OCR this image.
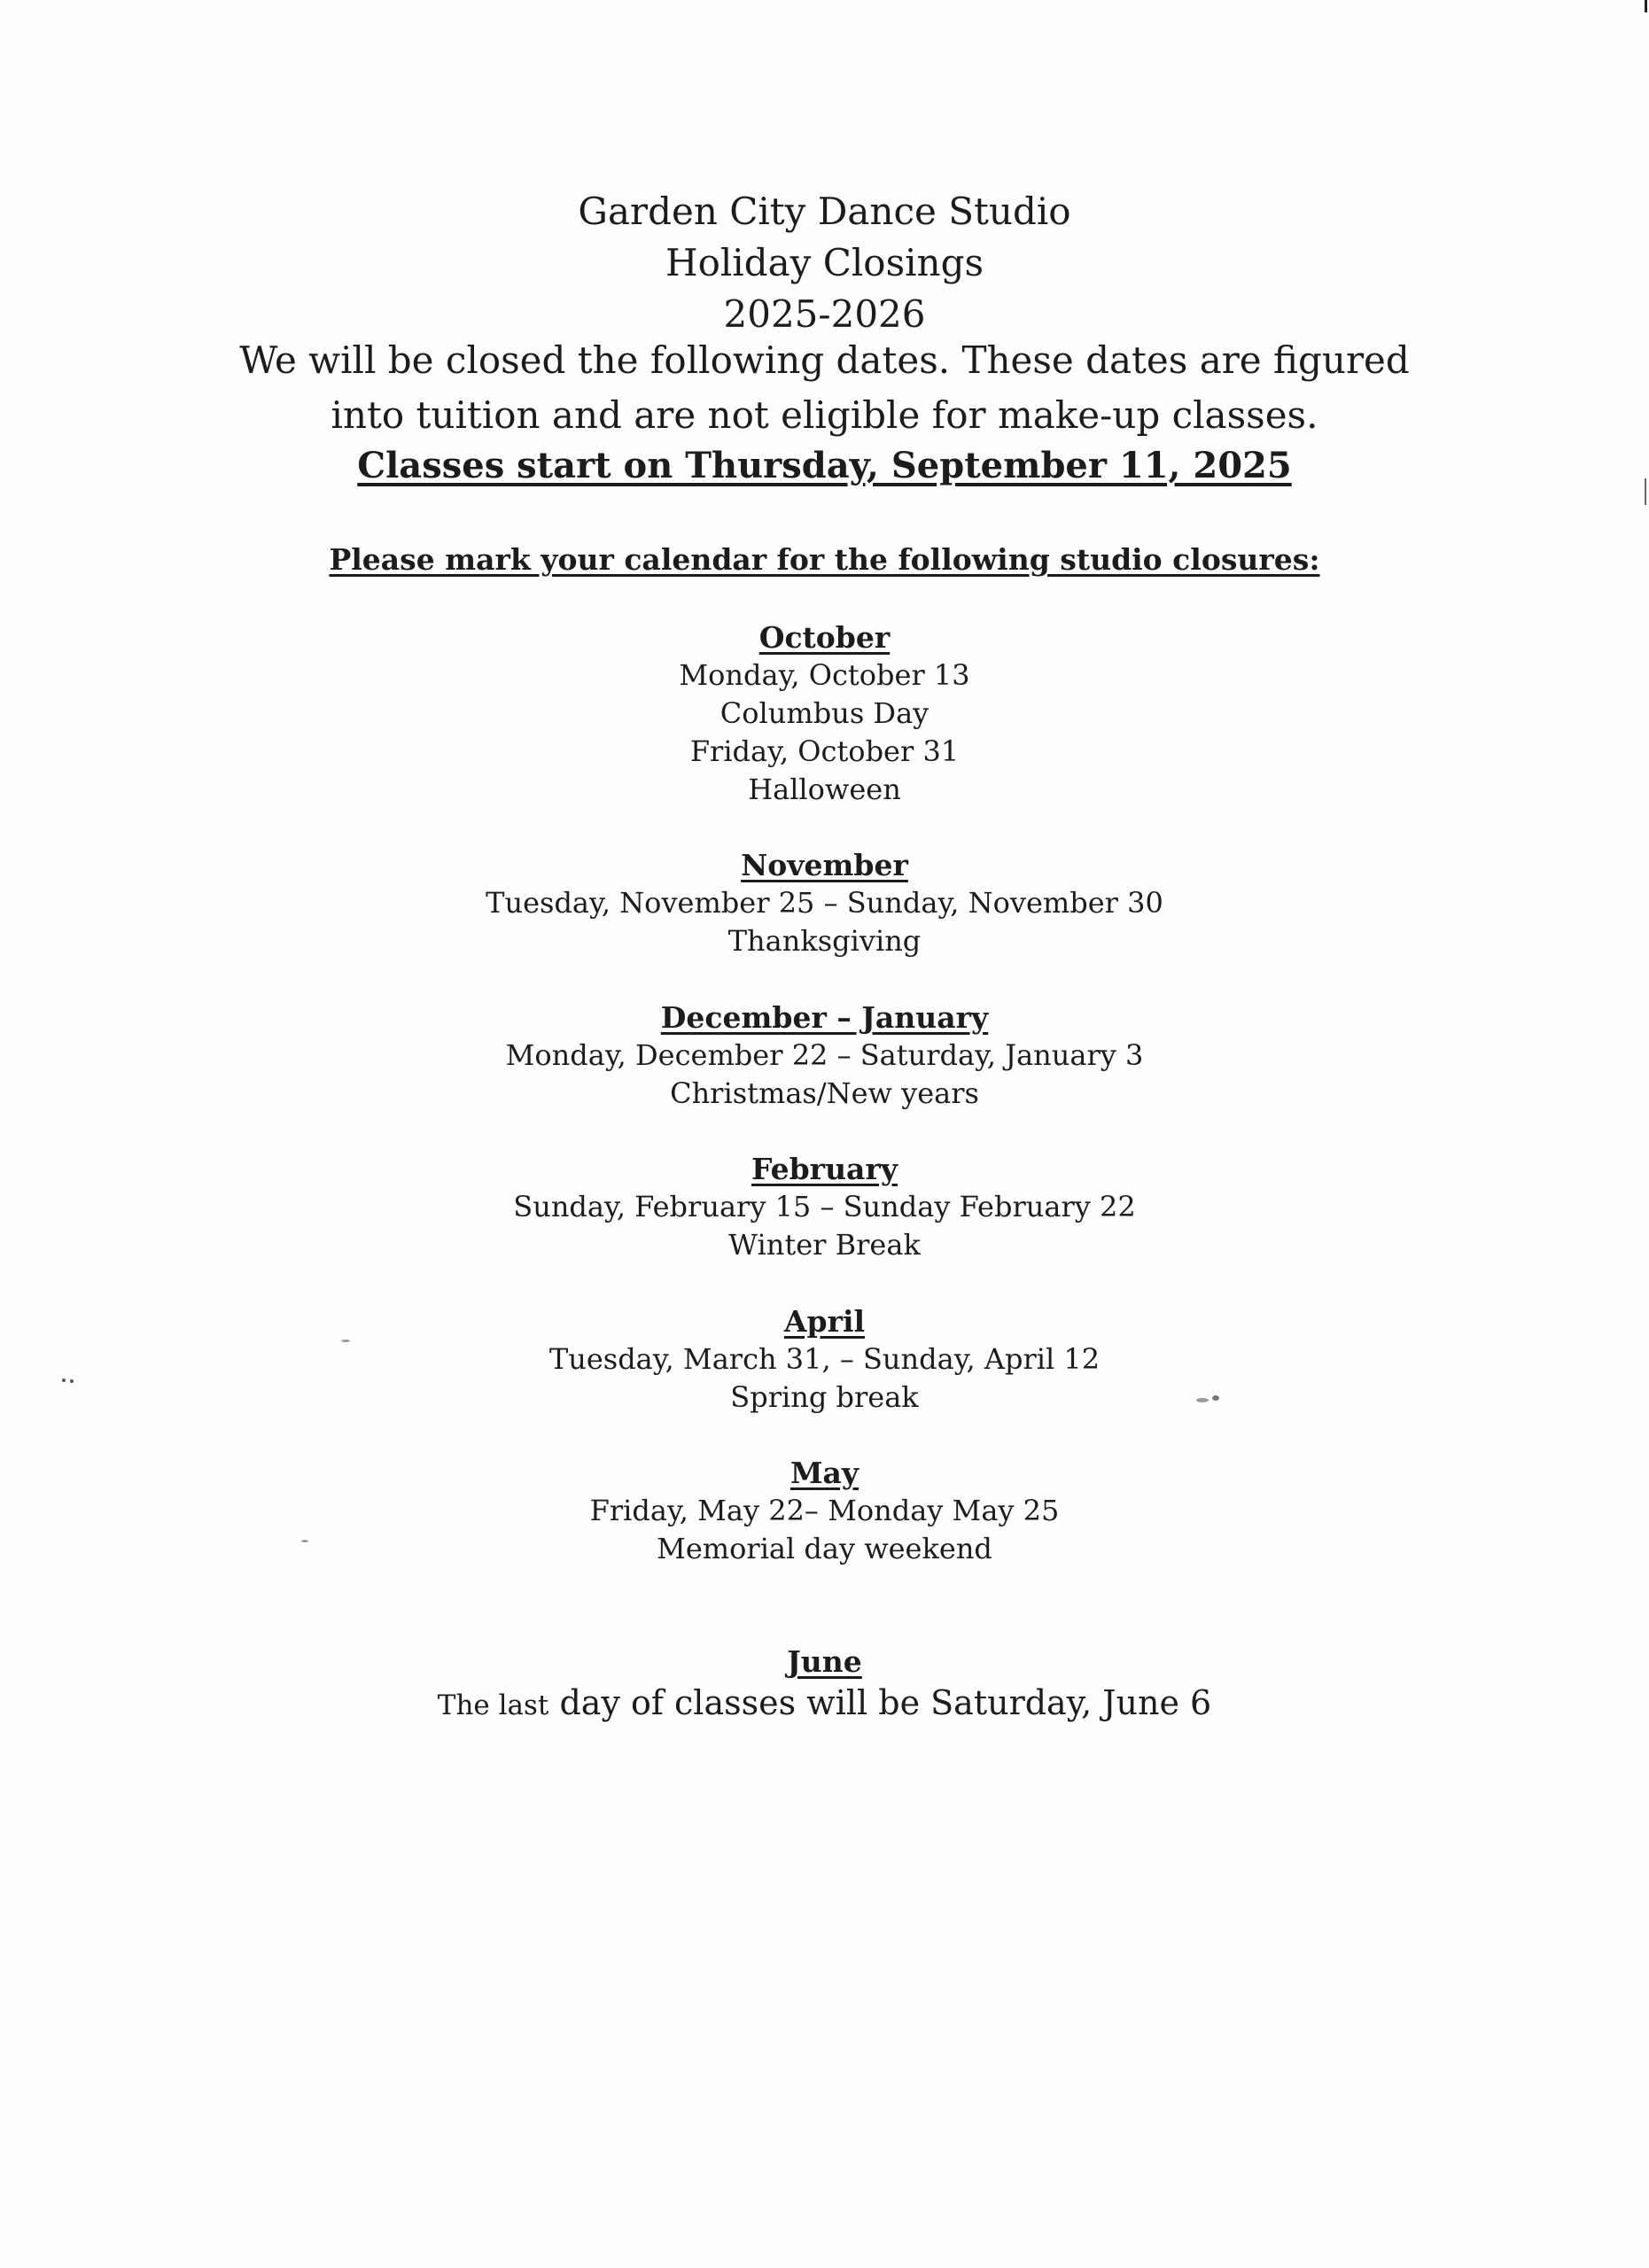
Garden City Dance Studio

Holiday Closings

2025-2026

We will be closed the following dates. These dates are figured

into tuition and are not eligible for make-up classes.

Classes start on Thursday, September 11, 2025

Please mark your calendar for the following studio closures:

October

Monday, October 13

Columbus Day

Friday, October 31

Halloween

November

Tuesday, November 25 – Sunday, November 30

Thanksgiving

December – January

Monday, December 22 – Saturday, January 3

Christmas/New years

February

Sunday, February 15 – Sunday February 22

Winter Break

April

Tuesday, March 31, – Sunday, April 12

Spring break

May

Friday, May 22– Monday May 25

Memorial day weekend

June

The last day of classes will be Saturday, June 6
